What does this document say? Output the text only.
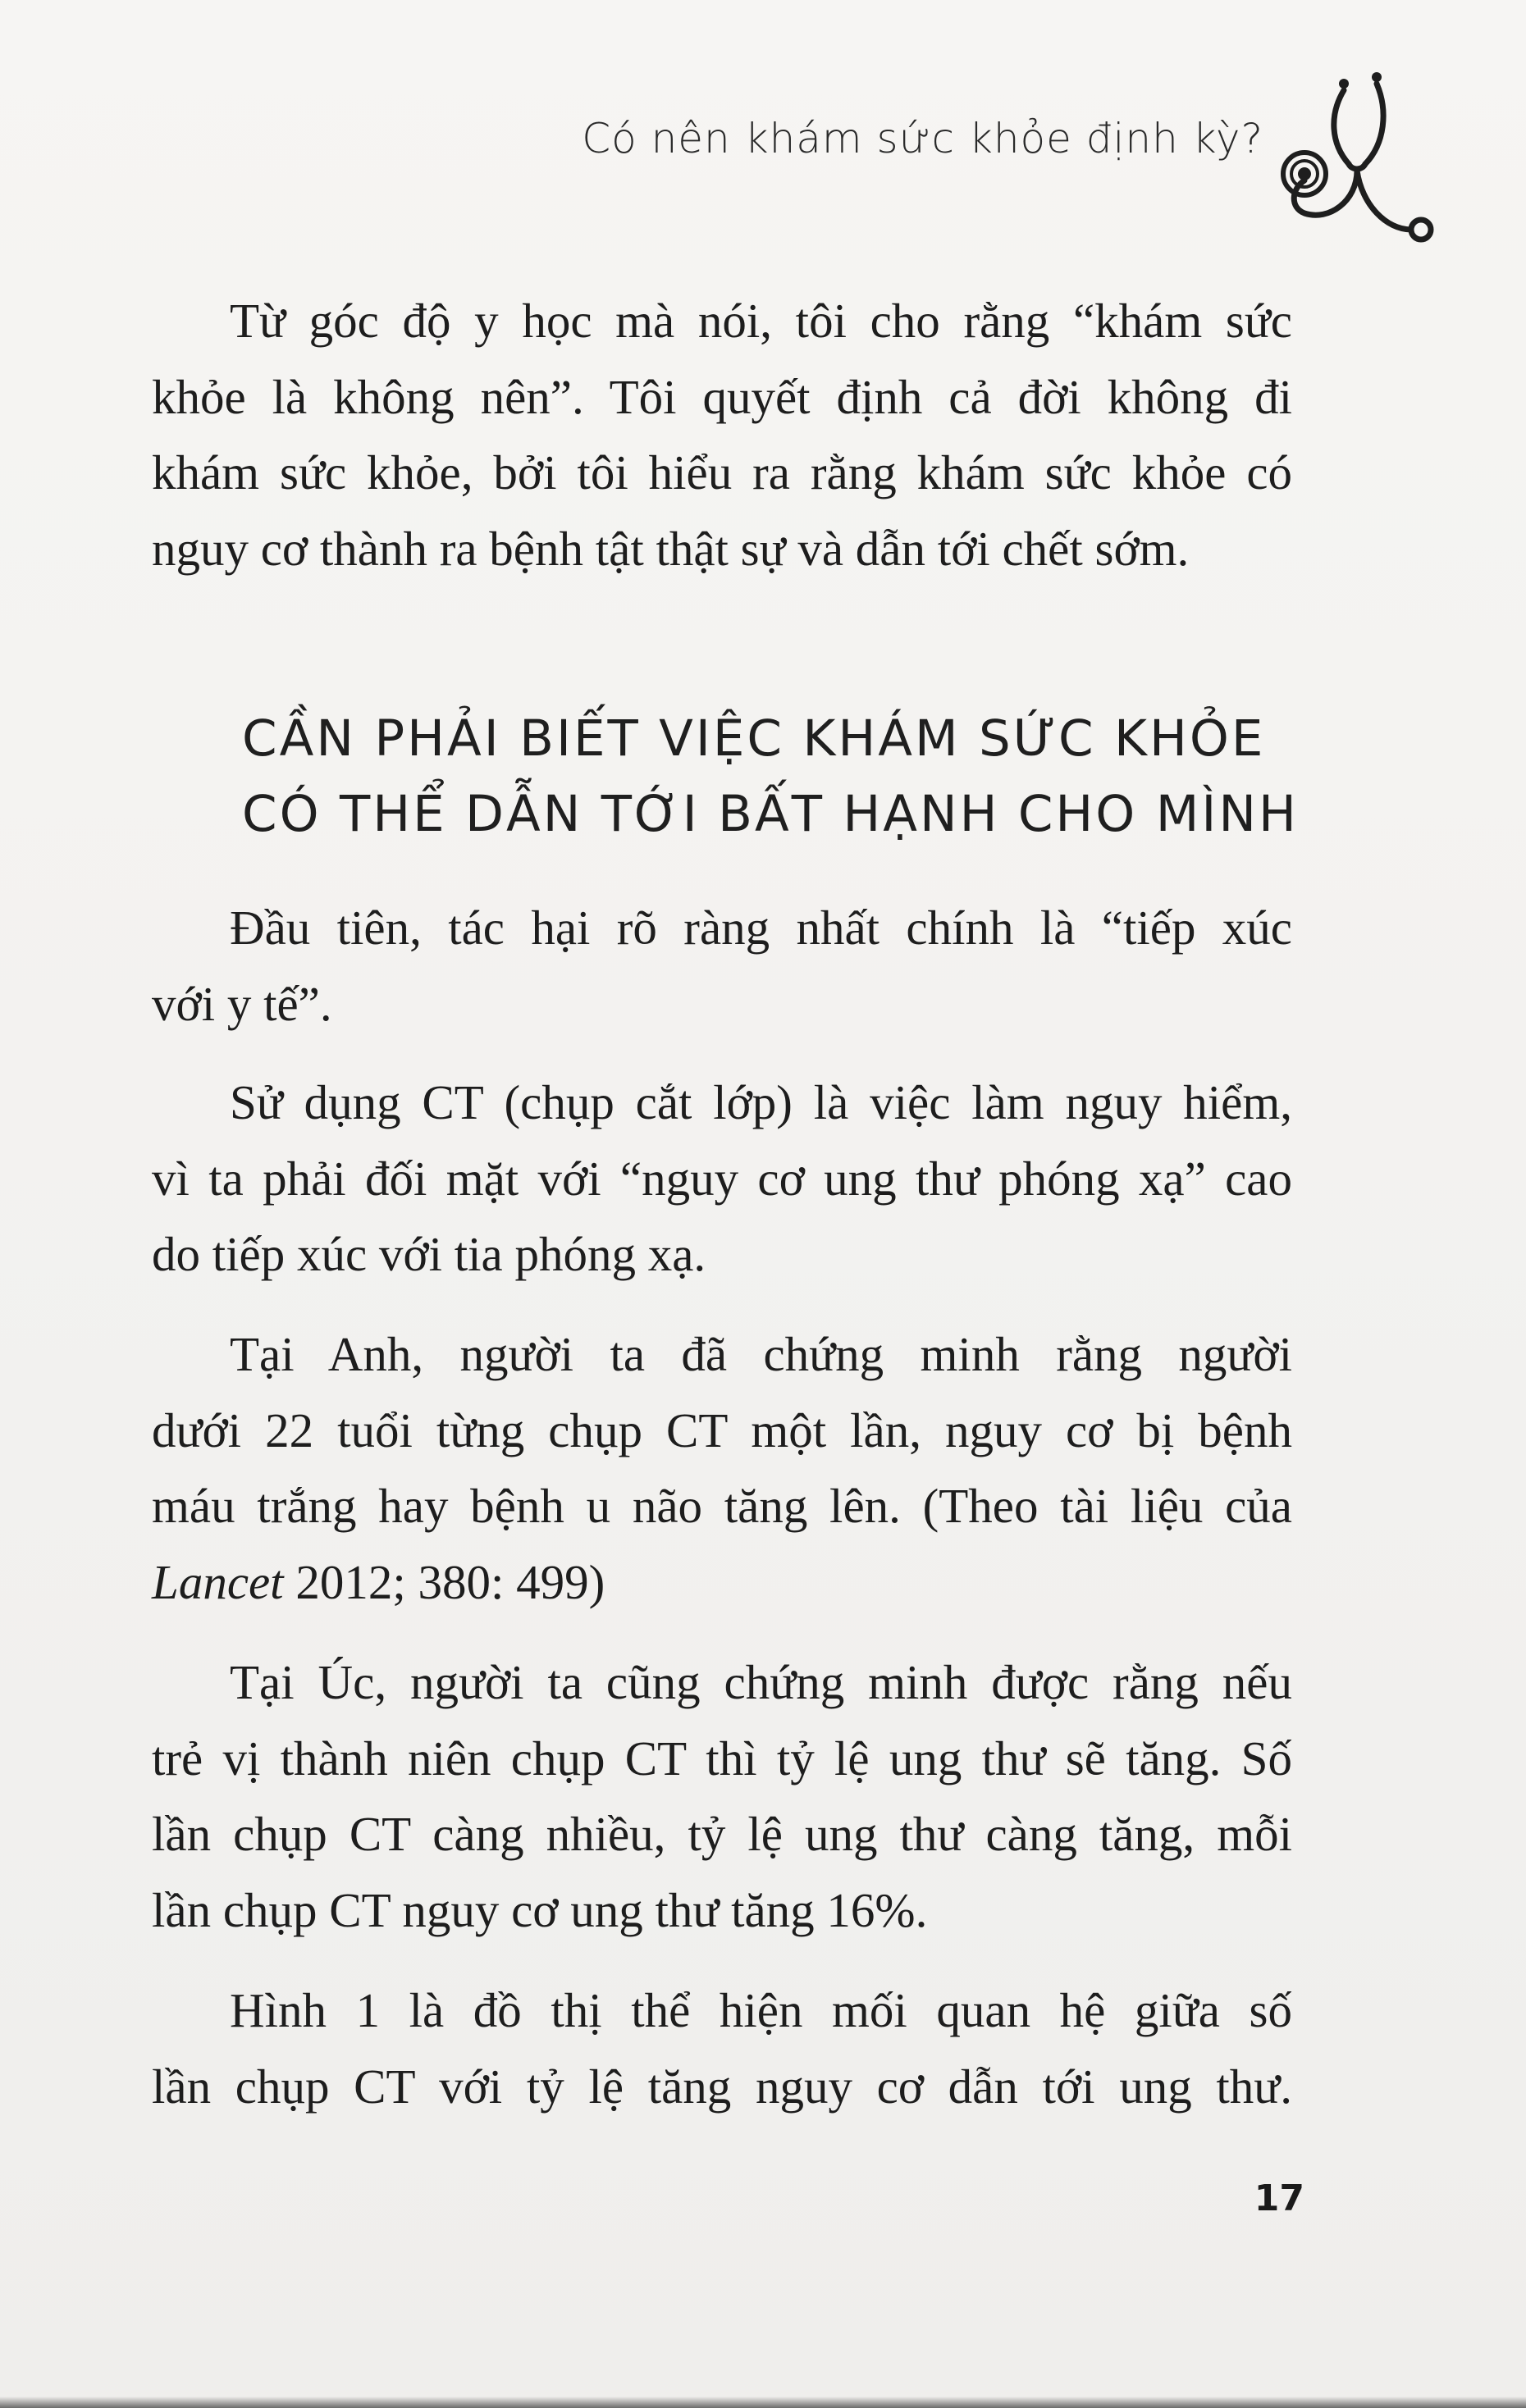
Có nên khám sức khỏe định kỳ?
Từ góc độ y học mà nói, tôi cho rằng “khám sức
khỏe là không nên”. Tôi quyết định cả đời không đi
khám sức khỏe, bởi tôi hiểu ra rằng khám sức khỏe có
nguy cơ thành ra bệnh tật thật sự và dẫn tới chết sớm.
CẦN PHẢI BIẾT VIỆC KHÁM SỨC KHỎE
CÓ THỂ DẪN TỚI BẤT HẠNH CHO MÌNH
Đầu tiên, tác hại rõ ràng nhất chính là “tiếp xúc
với y tế”.
Sử dụng CT (chụp cắt lớp) là việc làm nguy hiểm,
vì ta phải đối mặt với “nguy cơ ung thư phóng xạ” cao
do tiếp xúc với tia phóng xạ.
Tại Anh, người ta đã chứng minh rằng người
dưới 22 tuổi từng chụp CT một lần, nguy cơ bị bệnh
máu trắng hay bệnh u não tăng lên. (Theo tài liệu của
Lancet 2012; 380: 499)
Tại Úc, người ta cũng chứng minh được rằng nếu
trẻ vị thành niên chụp CT thì tỷ lệ ung thư sẽ tăng. Số
lần chụp CT càng nhiều, tỷ lệ ung thư càng tăng, mỗi
lần chụp CT nguy cơ ung thư tăng 16%.
Hình 1 là đồ thị thể hiện mối quan hệ giữa số
lần chụp CT với tỷ lệ tăng nguy cơ dẫn tới ung thư.
17
